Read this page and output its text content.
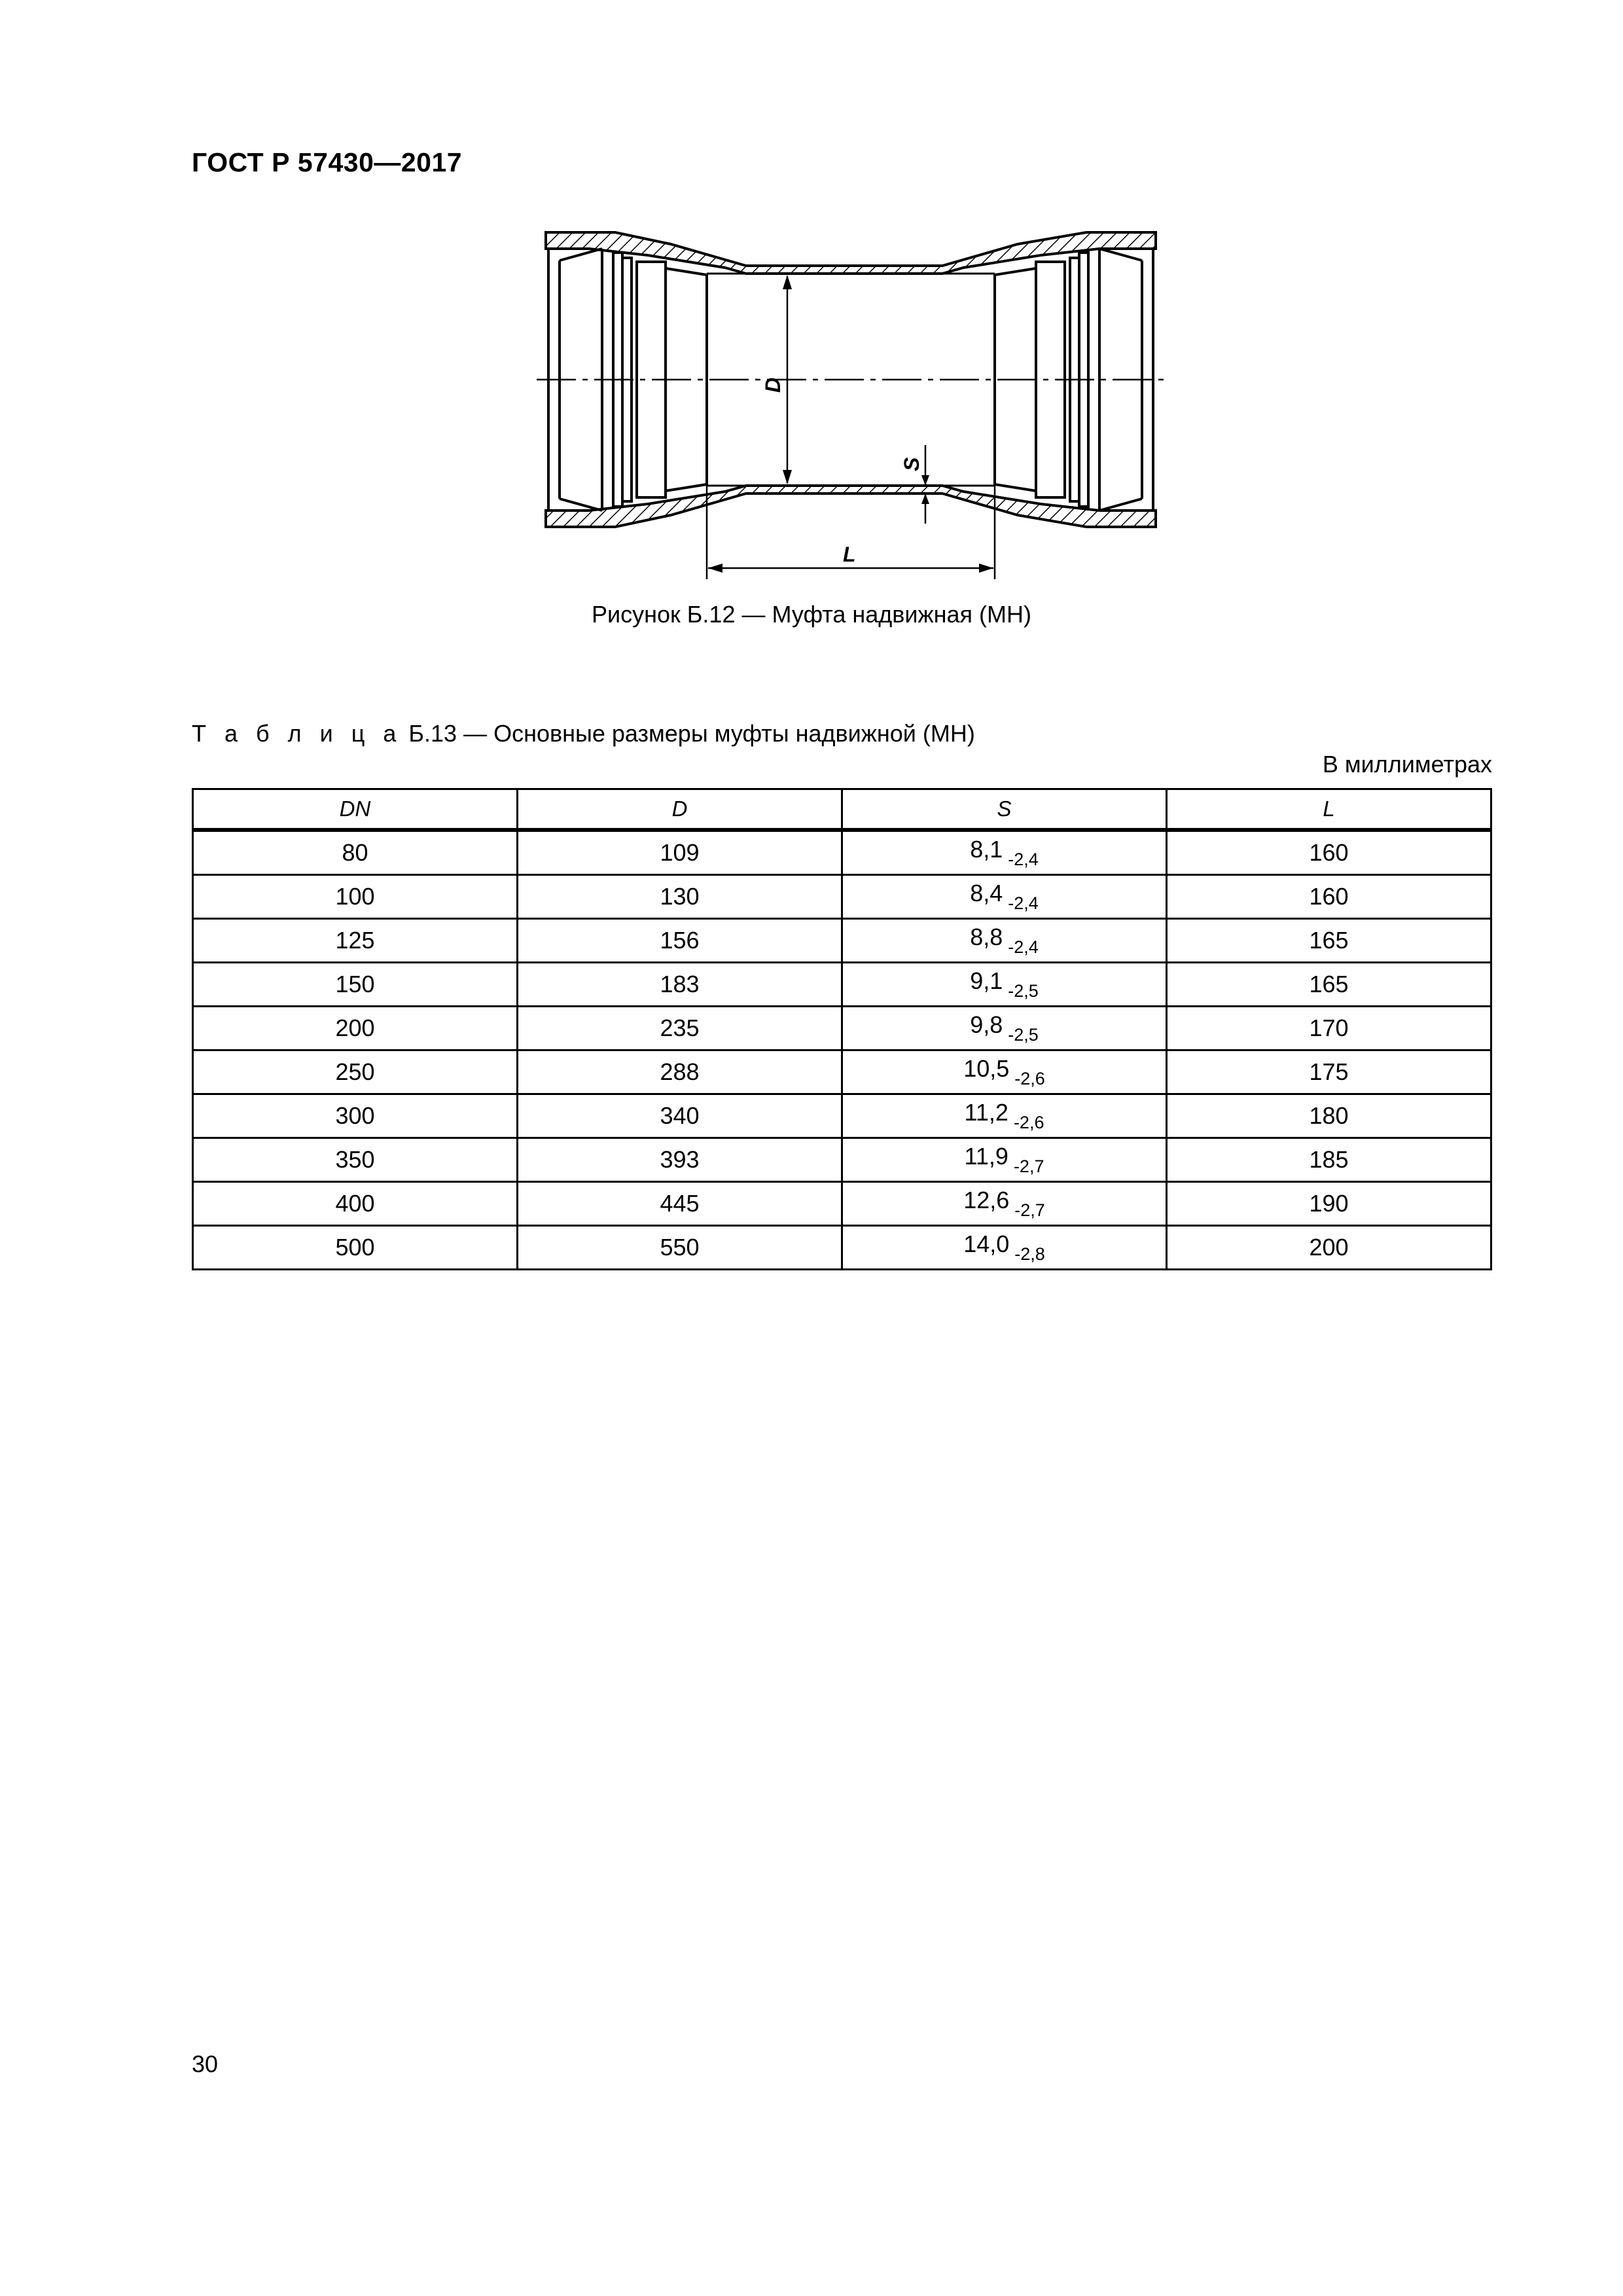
ГОСТ Р 57430—2017
D
S
L
Рисунок Б.12 — Муфта надвижная (МН)
Т а б л и ц а Б.13 — Основные размеры муфты надвижной (МН)
В миллиметрах
DN	D	S	L
80	109	8,1 $_{-2,4}$	160
100	130	8,4 $_{-2,4}$	160
125	156	8,8 $_{-2,4}$	165
150	183	9,1 $_{-2,5}$	165
200	235	9,8 $_{-2,5}$	170
250	288	10,5 $_{-2,6}$	175
300	340	11,2 $_{-2,6}$	180
350	393	11,9 $_{-2,7}$	185
400	445	12,6 $_{-2,7}$	190
500	550	14,0 $_{-2,8}$	200
30
